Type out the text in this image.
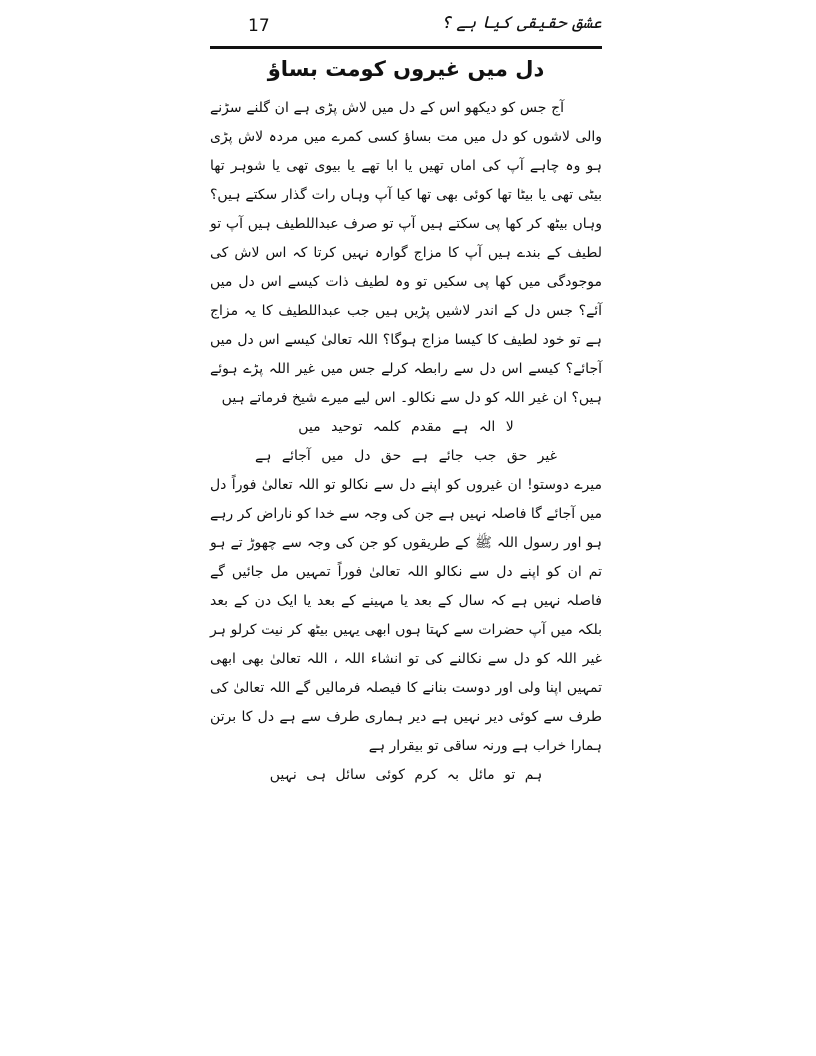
17	عشق حقیقی کیا ہے ؟
دل میں غیروں کومت بساؤ

آج جس کو دیکھو اس کے دل میں لاش پڑی ہے ان گلنے سڑنے والی لاشوں کو دل میں مت بساؤ کسی کمرے میں مردہ لاش پڑی ہو وہ چاہے آپ کی اماں تھیں یا ابا تھے یا بیوی تھی یا شوہر تھا بیٹی تھی یا بیٹا تھا کوئی بھی تھا کیا آپ وہاں رات گذار سکتے ہیں؟ وہاں بیٹھ کر کھا پی سکتے ہیں آپ تو صرف عبداللطیف ہیں آپ تو لطیف کے بندے ہیں آپ کا مزاج گوارہ نہیں کرتا کہ اس لاش کی موجودگی میں کھا پی سکیں تو وہ لطیف ذات کیسے اس دل میں آئے؟ جس دل کے اندر لاشیں پڑیں ہیں جب عبداللطیف کا یہ مزاج ہے تو خود لطیف کا کیسا مزاج ہوگا؟ اللہ تعالیٰ کیسے اس دل میں آجائے؟ کیسے اس دل سے رابطہ کرلے جس میں غیر اللہ پڑے ہوئے ہیں؟ ان غیر اللہ کو دل سے نکالو۔ اس لیے میرے شیخ فرماتے ہیں

لا الہ ہے مقدم کلمہ توحید میں

غیر حق جب جائے ہے حق دل میں آجائے ہے

میرے دوستو! ان غیروں کو اپنے دل سے نکالو تو اللہ تعالیٰ فوراً دل میں آجائے گا فاصلہ نہیں ہے جن کی وجہ سے خدا کو ناراض کر رہے ہو اور رسول اللہ ﷺ کے طریقوں کو جن کی وجہ سے چھوڑ تے ہو تم ان کو اپنے دل سے نکالو اللہ تعالیٰ فوراً تمہیں مل جائیں گے فاصلہ نہیں ہے کہ سال کے بعد یا مہینے کے بعد یا ایک دن کے بعد بلکہ میں آپ حضرات سے کہتا ہوں ابھی یہیں بیٹھ کر نیت کرلو ہر غیر اللہ کو دل سے نکالنے کی تو انشاء اللہ ، اللہ تعالیٰ بھی ابھی تمہیں اپنا ولی اور دوست بنانے کا فیصلہ فرمالیں گے اللہ تعالیٰ کی طرف سے کوئی دیر نہیں ہے دیر ہماری طرف سے ہے دل کا برتن ہمارا خراب ہے ورنہ ساقی تو بیقرار ہے

ہم تو مائل بہ کرم کوئی سائل ہی نہیں
